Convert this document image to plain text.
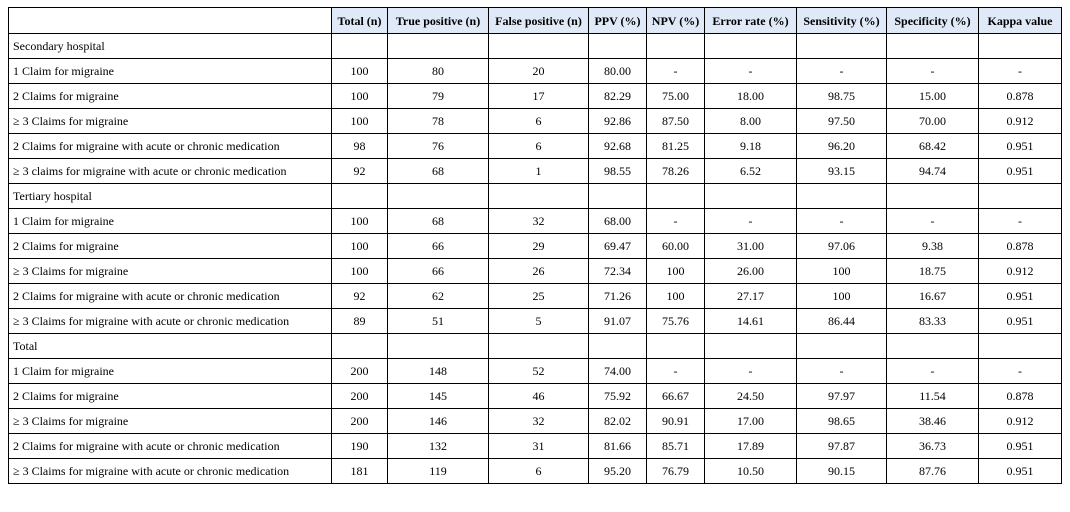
	Total (n)	True positive (n)	False positive (n)	PPV (%)	NPV (%)	Error rate (%)	Sensitivity (%)	Specificity (%)	Kappa value
Secondary hospital									
1 Claim for migraine	100	80	20	80.00	-	-	-	-	-
2 Claims for migraine	100	79	17	82.29	75.00	18.00	98.75	15.00	0.878
≥ 3 Claims for migraine	100	78	6	92.86	87.50	8.00	97.50	70.00	0.912
2 Claims for migraine with acute or chronic medication	98	76	6	92.68	81.25	9.18	96.20	68.42	0.951
≥ 3 claims for migraine with acute or chronic medication	92	68	1	98.55	78.26	6.52	93.15	94.74	0.951
Tertiary hospital									
1 Claim for migraine	100	68	32	68.00	-	-	-	-	-
2 Claims for migraine	100	66	29	69.47	60.00	31.00	97.06	9.38	0.878
≥ 3 Claims for migraine	100	66	26	72.34	100	26.00	100	18.75	0.912
2 Claims for migraine with acute or chronic medication	92	62	25	71.26	100	27.17	100	16.67	0.951
≥ 3 Claims for migraine with acute or chronic medication	89	51	5	91.07	75.76	14.61	86.44	83.33	0.951
Total									
1 Claim for migraine	200	148	52	74.00	-	-	-	-	-
2 Claims for migraine	200	145	46	75.92	66.67	24.50	97.97	11.54	0.878
≥ 3 Claims for migraine	200	146	32	82.02	90.91	17.00	98.65	38.46	0.912
2 Claims for migraine with acute or chronic medication	190	132	31	81.66	85.71	17.89	97.87	36.73	0.951
≥ 3 Claims for migraine with acute or chronic medication	181	119	6	95.20	76.79	10.50	90.15	87.76	0.951
